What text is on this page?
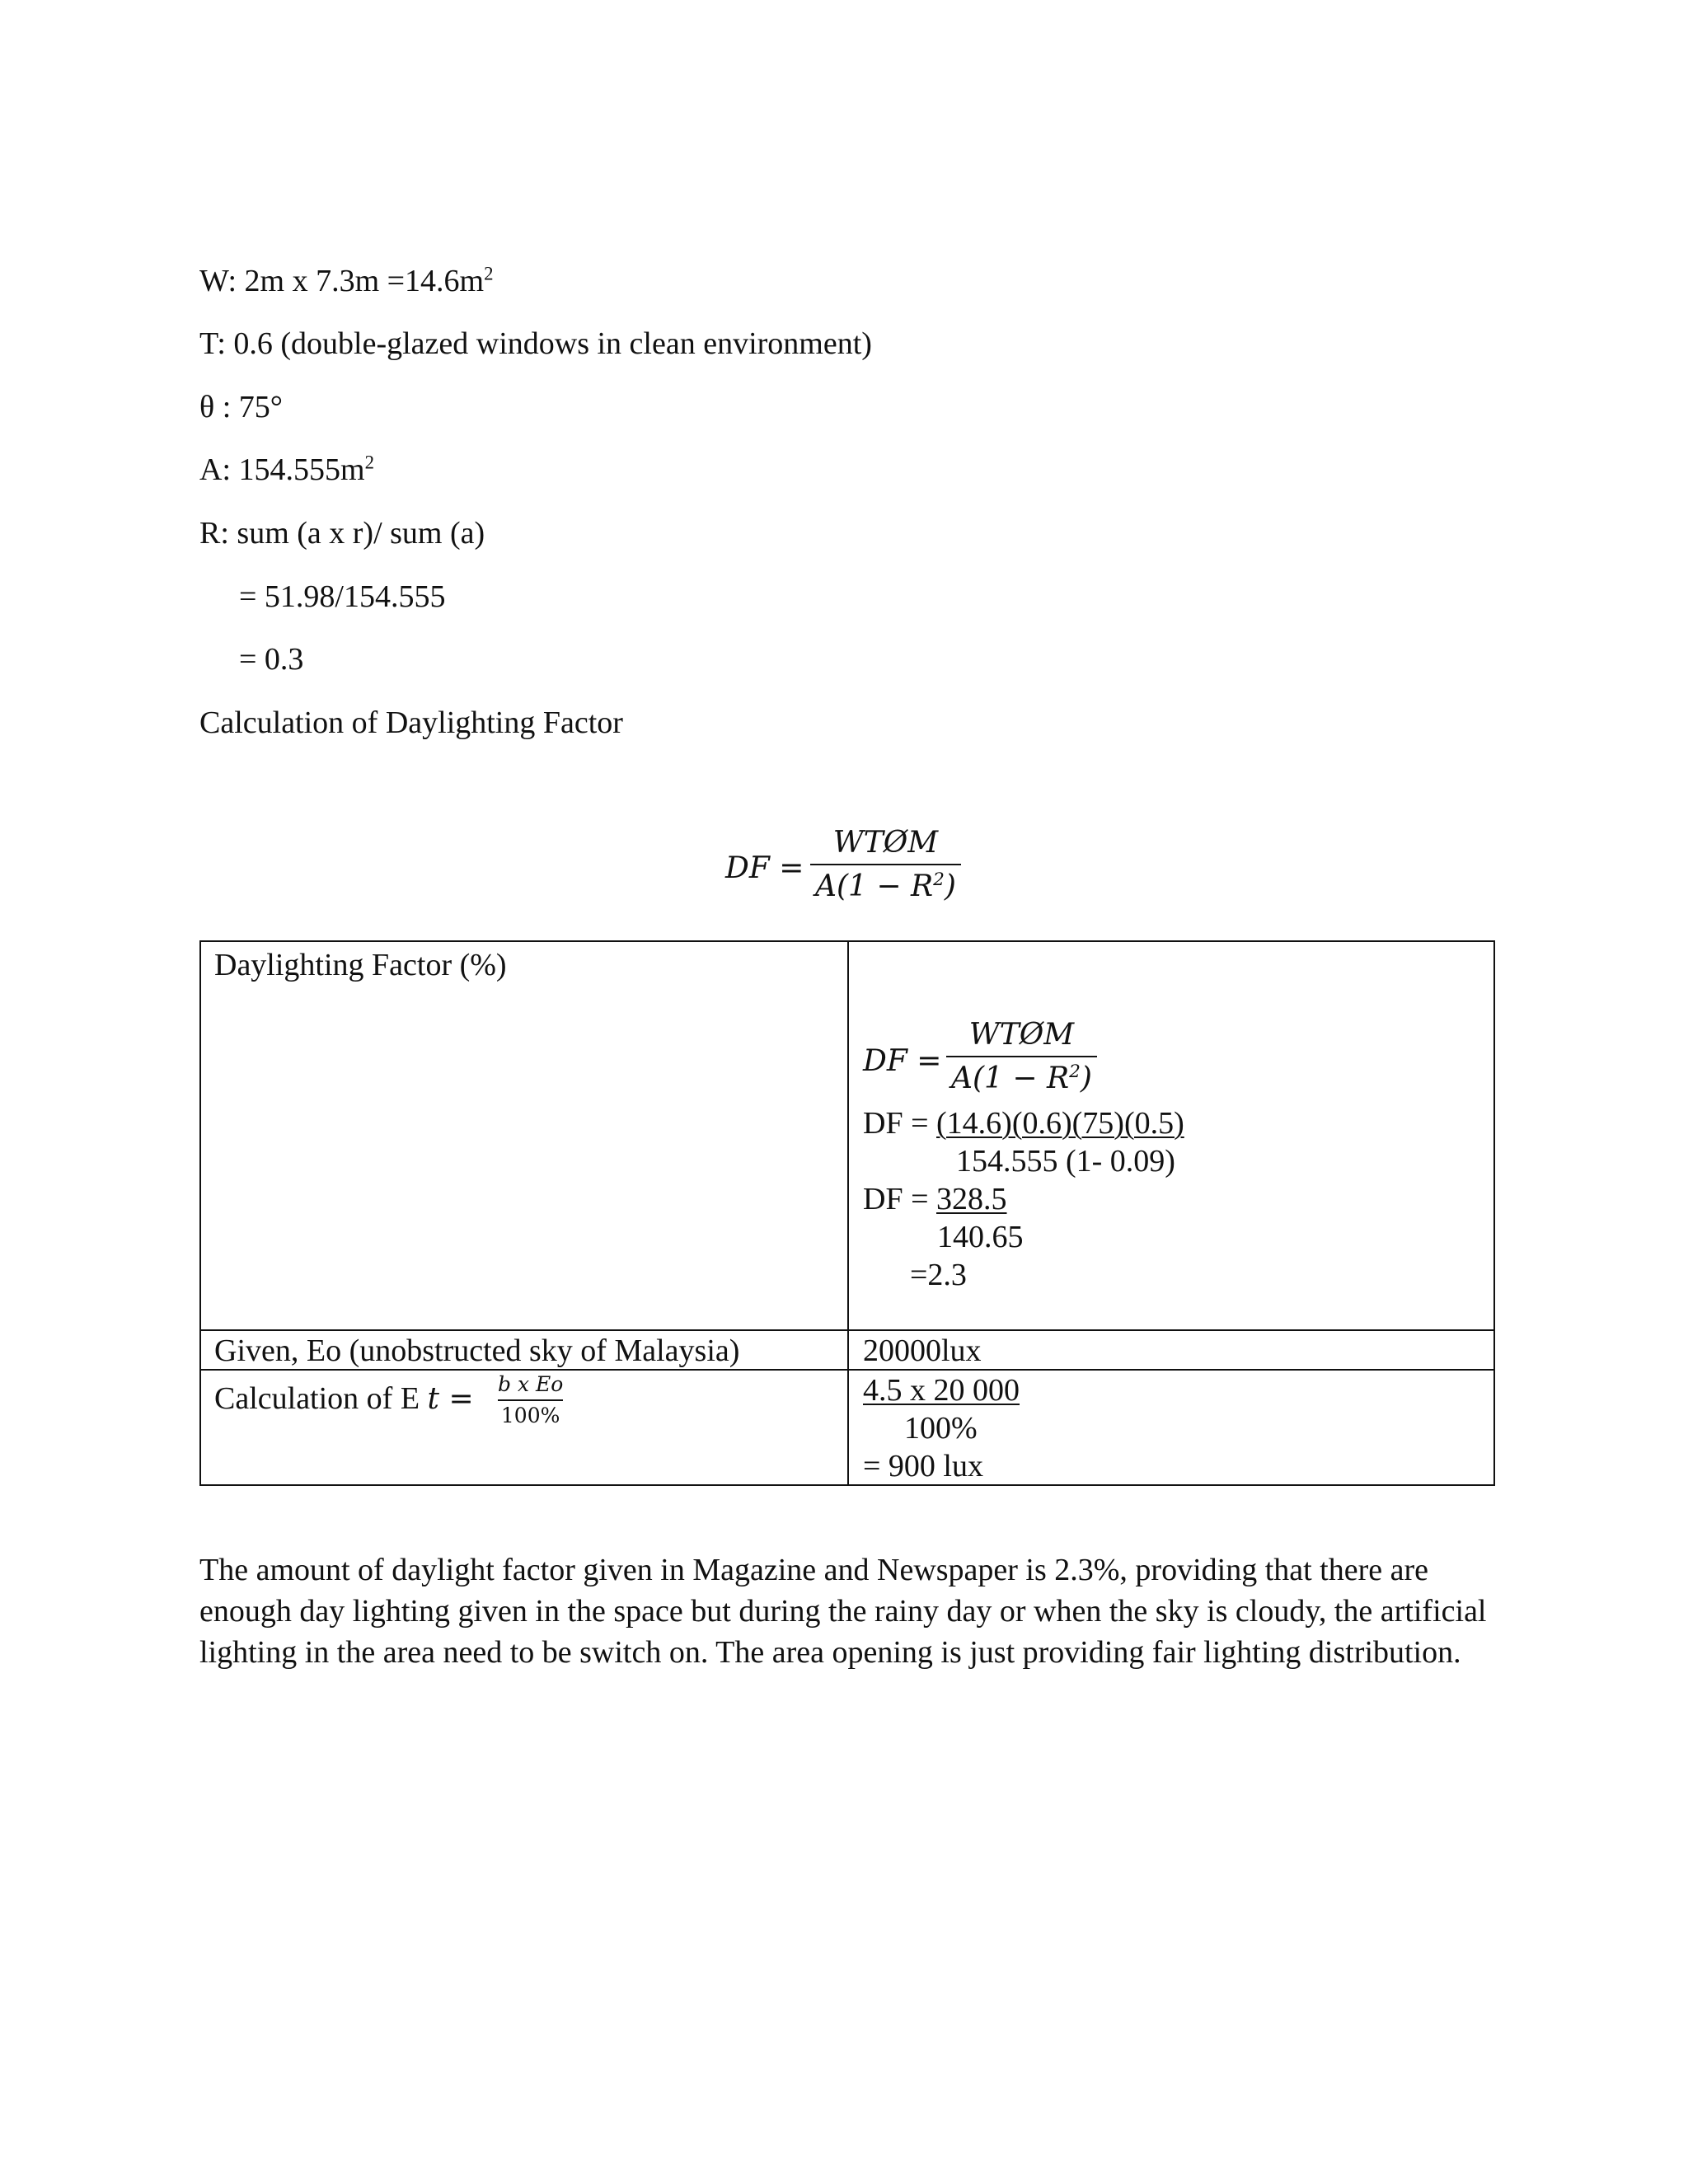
W: 2m x $7.3m =14.6m^2$
T: 0.6 (double-glazed windows in clean environment)
θ : 75°
A: $154.555m^2$
R: sum (a x r)/ sum (a)
= 51.98/154.555
= 0.3
Calculation of Daylighting Factor
DF =
WTØM
$A(1 - R^2)$
Daylighting Factor (%)
DF =
WTØM
$A(1 - R^2)$
DF = (14.6)(0.6)(75)(0.5)
154.555 (1- 0.09)
DF = 328.5
140.65
=2.3
Given, Eo (unobstructed sky of Malaysia)	20000lux
Calculation of E t = b x Eo
100%
4.5 x 20 000
100%
= 900 lux
The amount of daylight factor given in Magazine and Newspaper is 2.3%, providing that there are enough day lighting given in the space but during the rainy day or when the sky is cloudy, the artificial lighting in the area need to be switch on. The area opening is just providing fair lighting distribution.
